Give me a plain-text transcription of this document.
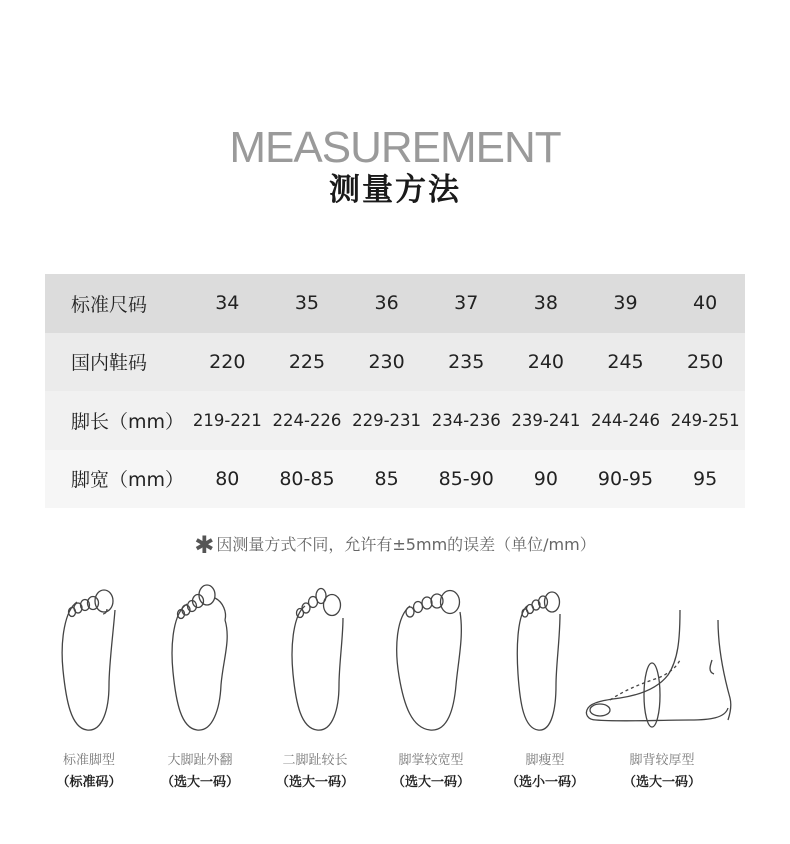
MEASUREMENT
测量方法
标准尺码	34	35	36	37	38	39	40
国内鞋码	220	225	230	235	240	245	250
脚长（mm） 219-221 224-226 229-231 234-236 239-241 244-246 249-251
脚宽（mm）	80	80-85	85	85-90	90	90-95	95
✱ 因测量方式不同，允许有±5mm的误差（单位/mm）
标准脚型
（标准码）
大脚趾外翻
（选大一码）
二脚趾较长
（选大一码）
脚掌较宽型
（选大一码）
脚瘦型
（选小一码）
脚背较厚型
（选大一码）
